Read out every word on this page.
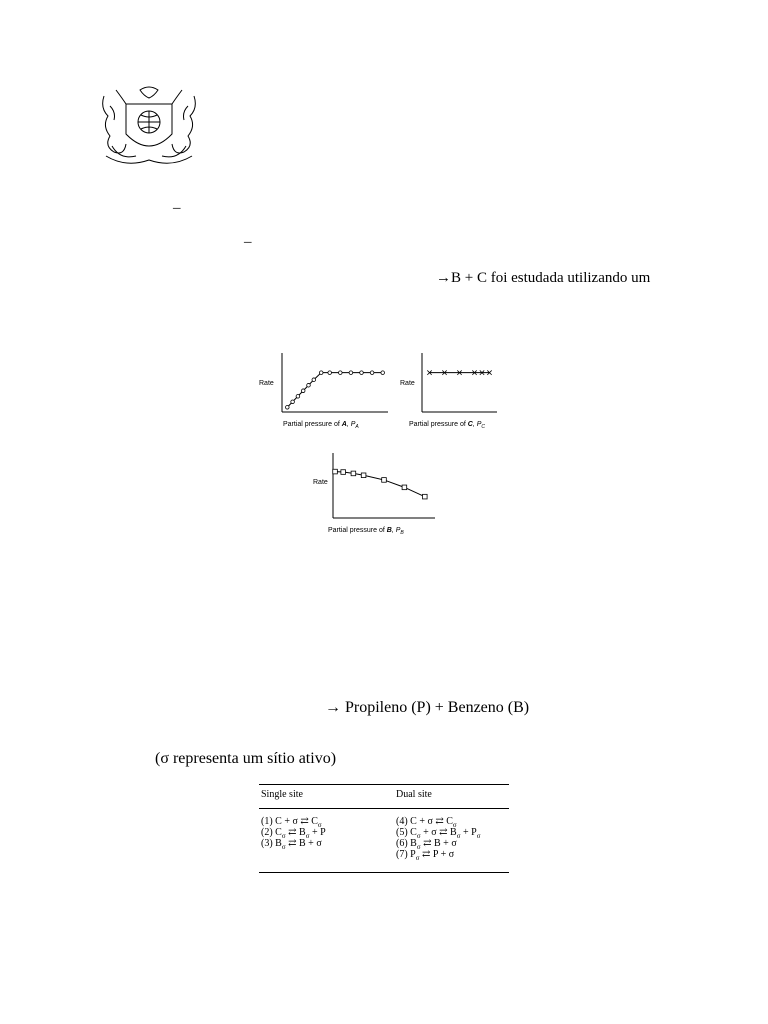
–
–
→B + C foi estudada utilizando um
Rate
Partial pressure of A, $P_A$
Rate
Partial pressure of C, $P_C$
Rate
Partial pressure of B, $P_B$
→ Propileno (P) + Benzeno (B)
(σ representa um sítio ativo)
Single site	Dual site
(1) C + σ ⇄ $C_\sigma$
(2) $C_\sigma$ ⇄ $B_\sigma + P$
(3) $B_\sigma$ ⇄ B + σ
(4) C + σ ⇄ $C_\sigma$
(5) $C_\sigma + \sigma$ ⇄ $B_\sigma + P_\sigma$
(6) $B_\sigma$ ⇄ B + σ
(7) $P_\sigma$ ⇄ P + σ
